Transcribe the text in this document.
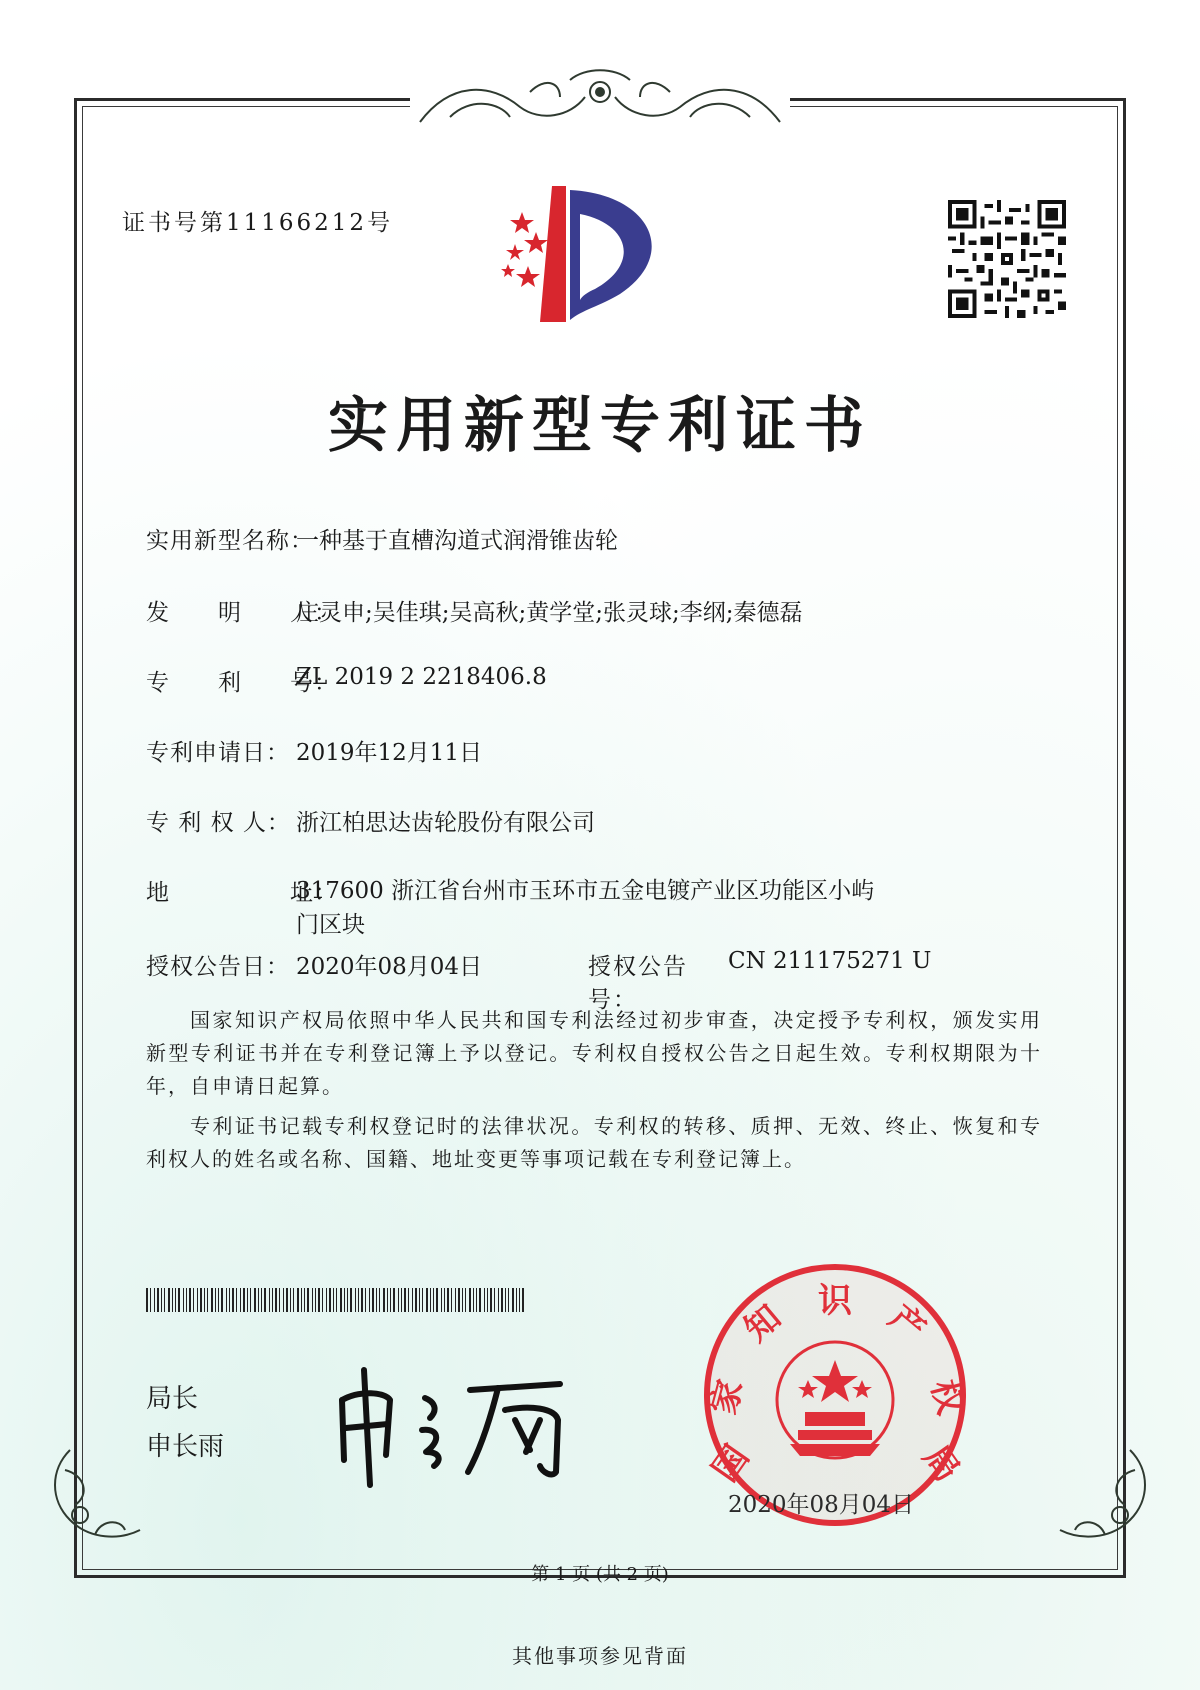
证书号第11166212号
实用新型专利证书
实用新型名称：
一种基于直槽沟道式润滑锥齿轮
发　　明　　人：
庄灵申;吴佳琪;吴高秋;黄学堂;张灵球;李纲;秦德磊
专　　利　　号：
ZL 2019 2 2218406.8
专利申请日： 2019年12月11日
专 利 权 人： 浙江柏思达齿轮股份有限公司
地　　　　　址：
317600 浙江省台州市玉环市五金电镀产业区功能区小屿门区块
授权公告日： 2020年08月04日	授权公告号：
CN 211175271 U
国家知识产权局依照中华人民共和国专利法经过初步审查，决定授予专利权，颁发实用新型专利证书并在专利登记簿上予以登记。专利权自授权公告之日起生效。专利权期限为十年，自申请日起算。
专利证书记载专利权登记时的法律状况。专利权的转移、质押、无效、终止、恢复和专利权人的姓名或名称、国籍、地址变更等事项记载在专利登记簿上。
局长
申长雨	国
家
知 识 产
权
局
2020年08月04日
第 1 页 (共 2 页)
其他事项参见背面
